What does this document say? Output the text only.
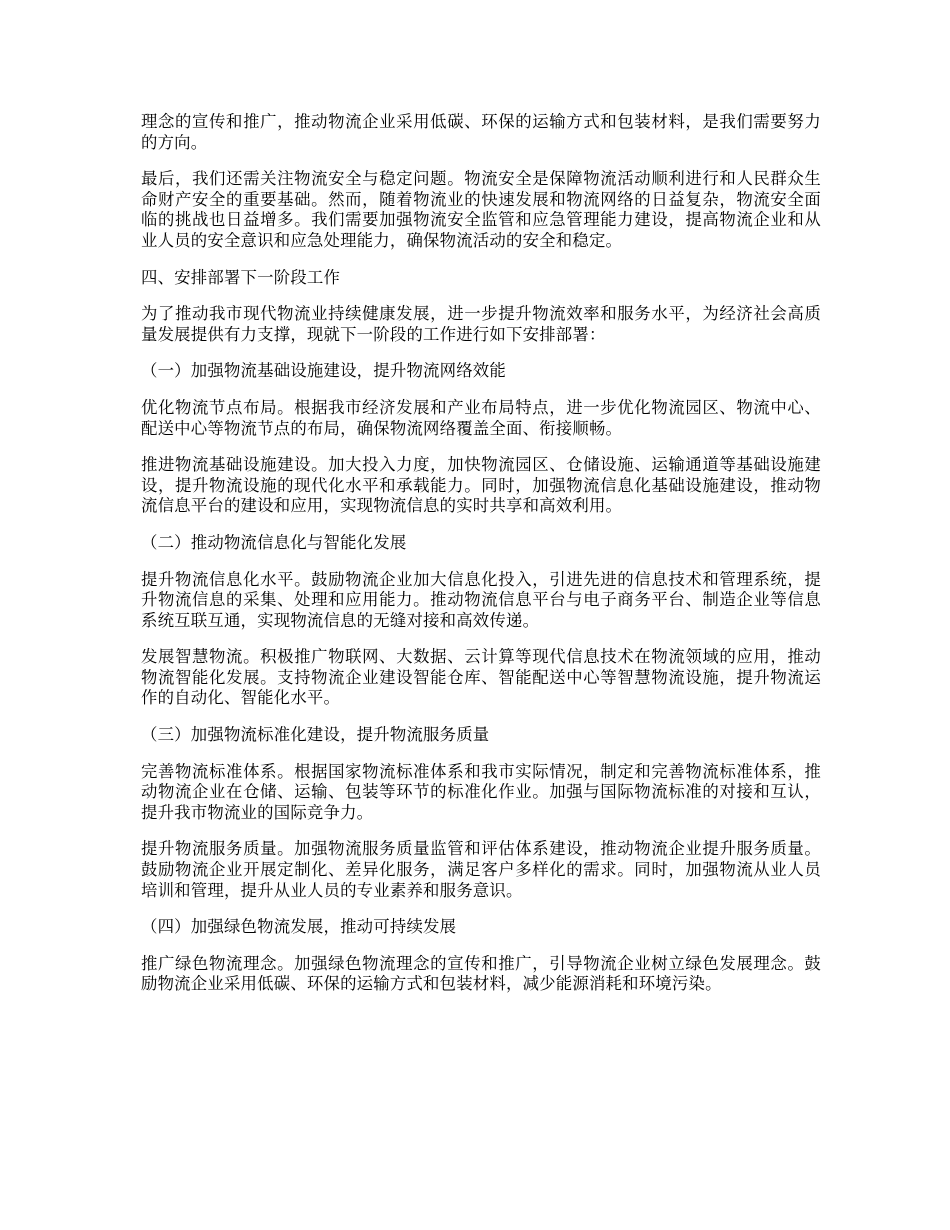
理念的宣传和推广，推动物流企业采用低碳、环保的运输方式和包装材料，是我们需要努力的方向。

最后，我们还需关注物流安全与稳定问题。物流安全是保障物流活动顺利进行和人民群众生命财产安全的重要基础。然而，随着物流业的快速发展和物流网络的日益复杂，物流安全面临的挑战也日益增多。我们需要加强物流安全监管和应急管理能力建设，提高物流企业和从业人员的安全意识和应急处理能力，确保物流活动的安全和稳定。

四、安排部署下一阶段工作

为了推动我市现代物流业持续健康发展，进一步提升物流效率和服务水平，为经济社会高质量发展提供有力支撑，现就下一阶段的工作进行如下安排部署：

（一）加强物流基础设施建设，提升物流网络效能

优化物流节点布局。根据我市经济发展和产业布局特点，进一步优化物流园区、物流中心、配送中心等物流节点的布局，确保物流网络覆盖全面、衔接顺畅。

推进物流基础设施建设。加大投入力度，加快物流园区、仓储设施、运输通道等基础设施建设，提升物流设施的现代化水平和承载能力。同时，加强物流信息化基础设施建设，推动物流信息平台的建设和应用，实现物流信息的实时共享和高效利用。

（二）推动物流信息化与智能化发展

提升物流信息化水平。鼓励物流企业加大信息化投入，引进先进的信息技术和管理系统，提升物流信息的采集、处理和应用能力。推动物流信息平台与电子商务平台、制造企业等信息系统互联互通，实现物流信息的无缝对接和高效传递。

发展智慧物流。积极推广物联网、大数据、云计算等现代信息技术在物流领域的应用，推动物流智能化发展。支持物流企业建设智能仓库、智能配送中心等智慧物流设施，提升物流运作的自动化、智能化水平。

（三）加强物流标准化建设，提升物流服务质量

完善物流标准体系。根据国家物流标准体系和我市实际情况，制定和完善物流标准体系，推动物流企业在仓储、运输、包装等环节的标准化作业。加强与国际物流标准的对接和互认，提升我市物流业的国际竞争力。

提升物流服务质量。加强物流服务质量监管和评估体系建设，推动物流企业提升服务质量。鼓励物流企业开展定制化、差异化服务，满足客户多样化的需求。同时，加强物流从业人员培训和管理，提升从业人员的专业素养和服务意识。

（四）加强绿色物流发展，推动可持续发展

推广绿色物流理念。加强绿色物流理念的宣传和推广，引导物流企业树立绿色发展理念。鼓励物流企业采用低碳、环保的运输方式和包装材料，减少能源消耗和环境污染。
